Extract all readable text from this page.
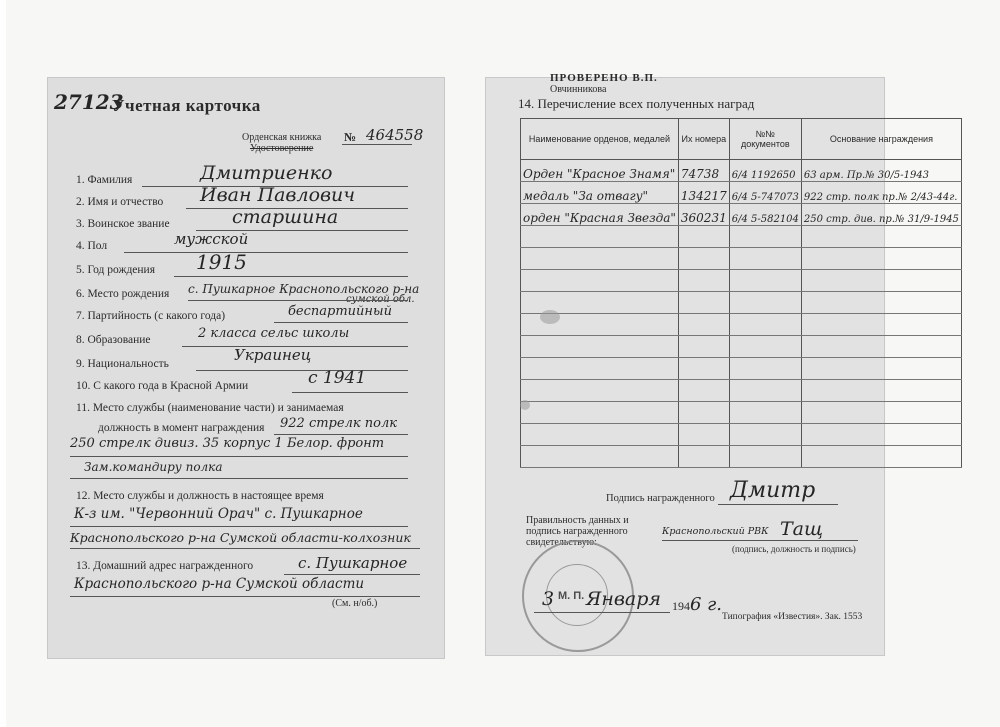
27123
Учетная карточка
Орденская книжка
Удостоверение
№ 464558
1. Фамилия	Дмитриенко
2. Имя и отчество Иван Павлович
3. Воинское звание	старшина
4. Пол	мужской
5. Год рождения 1915
6. Место рождения с. Пушкарное Краснопольского р-на
сумской обл.
7. Партийность (с какого года)	беспартийный
8. Образование	2 класса сельс школы
9. Национальность	Украинец
10. С какого года в Красной Армии	с 1941
11. Место службы (наименование части) и занимаемая
должность в момент награждения 922 стрелк полк
250 стрелк дивиз. 35 корпус 1 Белор. фронт
Зам.командиру полка
12. Место службы и должность в настоящее время
К-з им. "Червонний Орач" с. Пушкарное
Краснопольского р-на Сумской области-колхозник
13. Домашний адрес награжденного	с. Пушкарное
Краснопольского р-на Сумской области
(См. н/об.)
ПРОВЕРЕНО В.П.
Овчинникова
14. Перечисление всех полученных наград
Наименование орденов, медалей	Их номера	№№ документов	Основание награждения
Орден "Красное Знамя"	74738	6/4 1192650	63 арм. Пр.№ 30/5-1943
медаль "За отвагу"	134217	6/4 5-747073	922 стр. полк пр.№ 2/43-44г.
орден "Красная Звезда"	360231	6/4 5-582104	250 стр. див. пр.№ 31/9-1945

Подпись награжденного Дмитр
Правильность данных и подпись награжденного свидетельствую:
Краснопольский РВК Тащ
(подпись, должность и подпись)
М. П.
3 Января 1946 г.
Типография «Известия». Зак. 1553
